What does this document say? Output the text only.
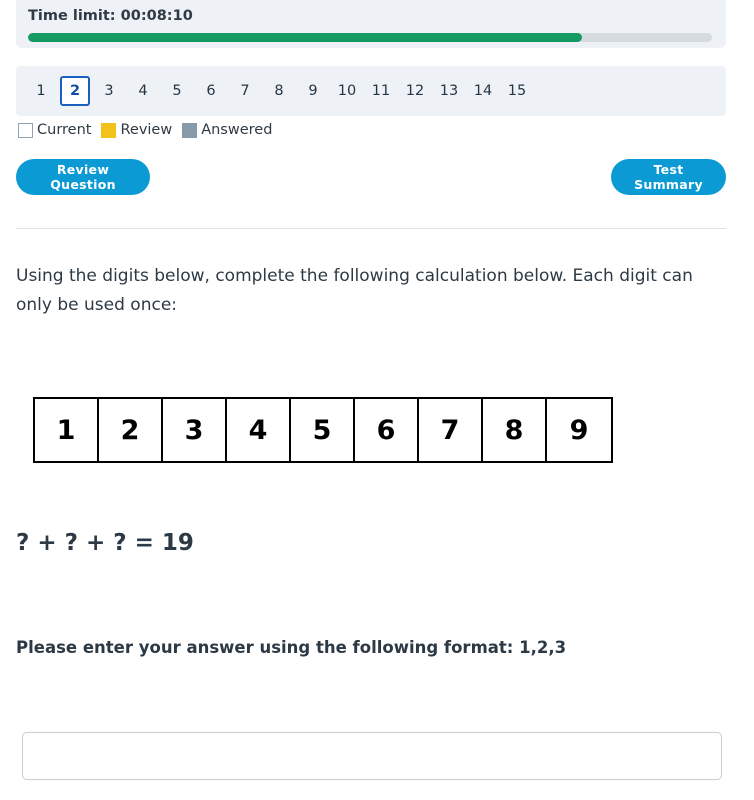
Time limit: 00:08:10
1	2	3	4	5	6	7	8	9	10	11	12	13	14	15
Current Review Answered
Review Question
Test Summary
Using the digits below, complete the following calculation below. Each digit can only be used once:
1	2	3	4	5	6	7	8	9
? + ? + ? = 19
Please enter your answer using the following format: 1,2,3
